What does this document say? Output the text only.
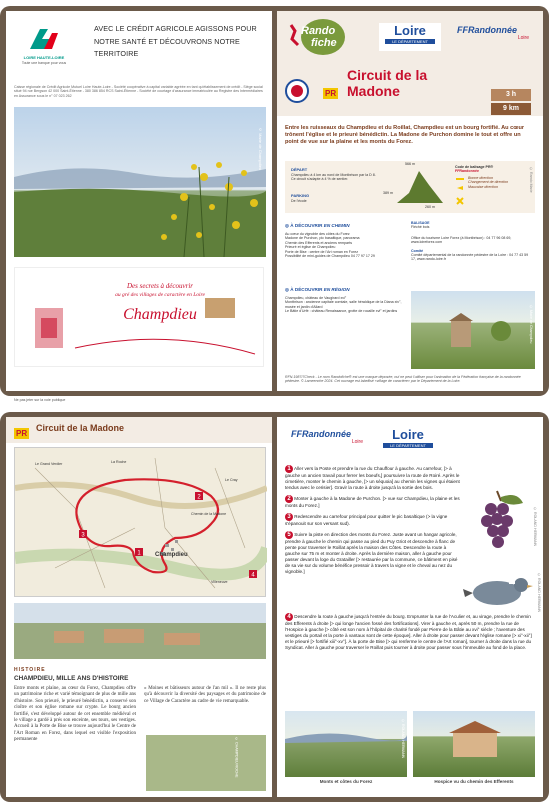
LOIRE HAUTE-LOIRE
Toute une banque pour vous
AVEC LE CRÉDIT AGRICOLE AGISSONS POUR NOTRE SANTÉ ET DÉCOUVRONS NOTRE TERRITOIRE
Caisse régionale de Crédit Agricole Mutuel Loire Haute-Loire - Société coopérative à capital variable agréée en tant qu'établissement de crédit - Siège social situé 94 rue Bergson 42 000 Saint-Étienne - 380 386 854 RCS Saint-Étienne - Société de courtage d'assurance immatriculée au Registre des Intermédiaires en Assurance sous le n° 07 023 262
© Marie de Champdieu
Des secrets à découvrir
au gré des villages de caractère en Loire
Champdieu
Rando
fiche
Loire
LE DÉPARTEMENT
FFRandonnée
Loire
PR
Circuit de la
Madone	3 h
9 km
Entre les ruisseaux du Champdieu et du Roillat, Champdieu est un bourg fortifié. Au cœur trônent l'église et le prieuré bénédictin. La Madone de Purchon domine le tout et offre un point de vue sur la plaine et les monts du Forez.
DÉPART
Champdieu à 4 km au nord de Montbrison par la D 8. Ce circuit s'adapte à 4 % de sentier.
PARKING
De l'école
566 m
389 m
260 m
Code de balisage PR®
FFRandonnée
Bonne direction
Changement de direction
Mauvaise direction	© Rando Marie
◎ À DÉCOUVRIR EN CHEMIN
Au cœur du vignoble des côtes du Forez
Madone de Purchon, pic basaltique, panorama
Chemin des Efferents et anciens remparts
Prieuré et église de Champdieu
Porte de Bise : centre de l'Art roman en Forez
Possibilité de mini-guides de Champdieu 04 77 97 17 29
◎ À DÉCOUVRIR EN RÉGION
Champdieu, château de Vaugirard xvi°
Montbrison : ancienne capitale comtale, salle héraldique de la Diana xiv°, musée et jardin d'Allard
Le Bâtie d'Urfé : château Renaissance, grotte de rocaille xvi° et jardins
BALISAGE
Fléché bois
Office du tourisme Loire Forez (à Montbrison) : 04 77 96 08 69, www.loireforez.com
Comité
Comité départemental de la randonnée pédestre de la Loire : 04 77 43 59 17, www.rando-loire.fr
© Marie de Champdieu
RFN.1987/7Check - Le nom Randofiche® est une marque déposée, nul ne peut l'utiliser pour l'animation de la Fédération française de la randonnée pédestre. © Lameenche 2024. Cet ouvrage est labellisé «village de caractère» par le Département de la Loire.
Ne pas jeter sur la voie publique
PR
Circuit de la Madone
1
2
3
4
Le Grand Verdier	La Roche
Le Cray
Champdieu
Chemin de la Madone
Villeneuve
HISTOIRE
CHAMPDIEU, MILLE ANS D'HISTOIRE
Entre monts et plaine, au cœur du Forez, Champdieu offre un patrimoine riche et varié témoignant de plus de mille ans d'histoire. Son prieuré, le prieuré bénédictin, a conservé son cloître et son église romane sur crypte. Le bourg ancien fortifié, s'est développé autour de cet ensemble médiéval et le village a gardé à prés son enceinte, ses tours, ses vestiges. Accueil à la Porte de Bise se trouve aujourd'hui le Centre de l'Art Roman en Forez, dans lequel est visible l'exposition permanente
« Moines et bâtisseurs autour de l'an mil ». Il ne reste plus qu'à découvrir la diversité des paysages et du patrimoine de ce Village de Caractère au cadre de vie remarquable.
© CHAMPDIEU ROCHE
FFRandonnée
Loire	Loire
LE DÉPARTEMENT
1 Aller vers la Poste et prendre la rue du Chauffour à gauche. Au carrefour, [> à gauche un ancien travail pour ferrer les boeufs,] poursuivre la route de Roiré. Après le cimetière, monter le chemin à gauche, [> un séquoia] au chemin les vignes qui étaient tendus avec le cerisier]. Gravir la route à droite jusqu'à la sortie des bois.
2 Monter à gauche à la Madone de Purchon. [> vue sur Champdieu, la plaine et les monts du Forez.]
3 Redescendre au carrefour principal pour quitter le pic basaltique (> la vigne s'épanouit sur son versant sud).
5 Suivre la piste en direction des monts du Forez. Juste avant un hangar agricole, prendre à gauche le chemin qui passe au pied du Puy Griot et descendre à flanc de pente pour traverser le Roillat après la maison des Côtes. Descendre la route à gauche sur 75 m et monter à droite. Après la dernière maison, aller à gauche pour passer devant la loge du Gratailler [> restaurée par la commune, ce bâtiment en pisé de sa vie sur du volume bénéfice pressoir à travers la vigne et le cheval au nez du vignoble.]
4 Descendre la route à gauche jusqu'à l'entrée du bourg. Emprunter la rue de l'Aculier et, au virage, prendre le chemin des Efferents à droite [> qui longe l'ancien fossé des fortifications]. Virer à gauche et, après 50 m, prendre la rue de l'Hospice à gauche [> côté est son nom à l'hôpital de charité fondé par Pierre de la Bâtie au xvi° siècle ; l'aventure des vestiges du portail et la porte à vantaux sont de cette époque]. Aller à droite pour passer devant l'église romane [> xi°-xii°] et le prieuré [> fortifié xiii°-xv°]. À la porte de Bise [> qui renferme le centre de l'Art roman], tourner à droite dans la rue du Syndicat. Aller à gauche pour traverser le Roillat puis tourner à droite pour passer sous l'immeuble au fond de la place.
© ROLAND HERMANN
© ROLAND HERMANN
© ROLAND HERMANN
Monts et côtes du Forez	Hospice vu du chemin des Efferents
